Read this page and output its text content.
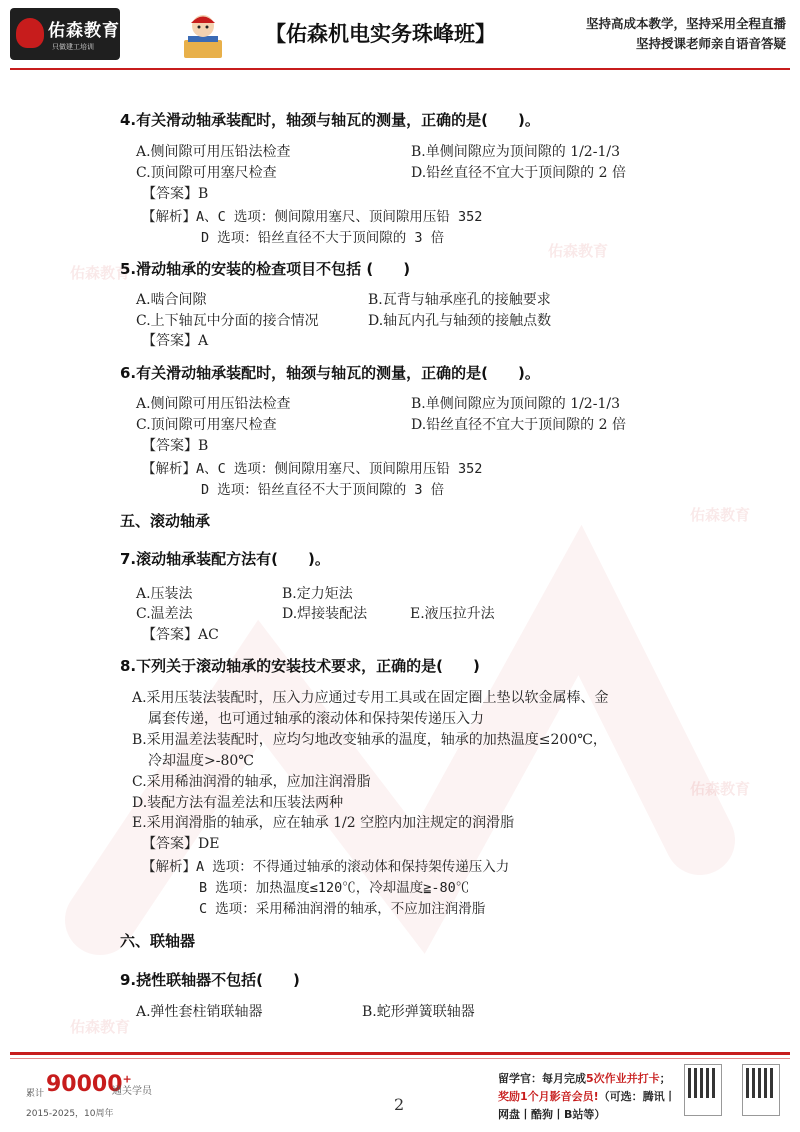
佑森教育
只做建工培训
【佑森机电实务珠峰班】	坚持高成本教学，坚持采用全程直播
坚持授课老师亲自语音答疑
佑森教育
佑森教育
佑森教育
佑森教育
佑森教育
4.有关滑动轴承装配时，轴颈与轴瓦的测量，正确的是(　　)。
A.侧间隙可用压铅法检查	B.单侧间隙应为顶间隙的 1/2-1/3
C.顶间隙可用塞尺检查	D.铅丝直径不宜大于顶间隙的 2 倍
【答案】B
【解析】A、C 选项：侧间隙用塞尺、顶间隙用压铅 352
D 选项：铅丝直径不大于顶间隙的 3 倍
5.滑动轴承的安装的检查项目不包括 (　　)
A.啮合间隙	B.瓦背与轴承座孔的接触要求
C.上下轴瓦中分面的接合情况	D.轴瓦内孔与轴颈的接触点数
【答案】A
6.有关滑动轴承装配时，轴颈与轴瓦的测量，正确的是(　　)。
A.侧间隙可用压铅法检查	B.单侧间隙应为顶间隙的 1/2-1/3
C.顶间隙可用塞尺检查	D.铅丝直径不宜大于顶间隙的 2 倍
【答案】B
【解析】A、C 选项：侧间隙用塞尺、顶间隙用压铅 352
D 选项：铅丝直径不大于顶间隙的 3 倍
五、滚动轴承
7.滚动轴承装配方法有(　　)。
A.压装法	B.定力矩法
C.温差法	D.焊接装配法	E.液压拉升法
【答案】AC
8.下列关于滚动轴承的安装技术要求，正确的是(　　)
A.采用压装法装配时，压入力应通过专用工具或在固定圈上垫以软金属棒、金
属套传递，也可通过轴承的滚动体和保持架传递压入力
B.采用温差法装配时，应均匀地改变轴承的温度，轴承的加热温度≤200℃，
冷却温度>-80℃
C.采用稀油润滑的轴承，应加注润滑脂
D.装配方法有温差法和压装法两种
E.采用润滑脂的轴承，应在轴承 1/2 空腔内加注规定的润滑脂
【答案】DE
【解析】A 选项：不得通过轴承的滚动体和保持架传递压入力
B 选项：加热温度≤120℃，冷却温度≧-80℃
C 选项：采用稀油润滑的轴承，不应加注润滑脂
六、联轴器
9.挠性联轴器不包括(　　)
A.弹性套柱销联轴器	B.蛇形弹簧联轴器
累计 90000+
通关学员
2015-2025，10周年	2
留学官：每月完成5次作业并打卡；
奖励1个月影音会员!（可选：腾讯丨
网盘丨酷狗丨B站等）
